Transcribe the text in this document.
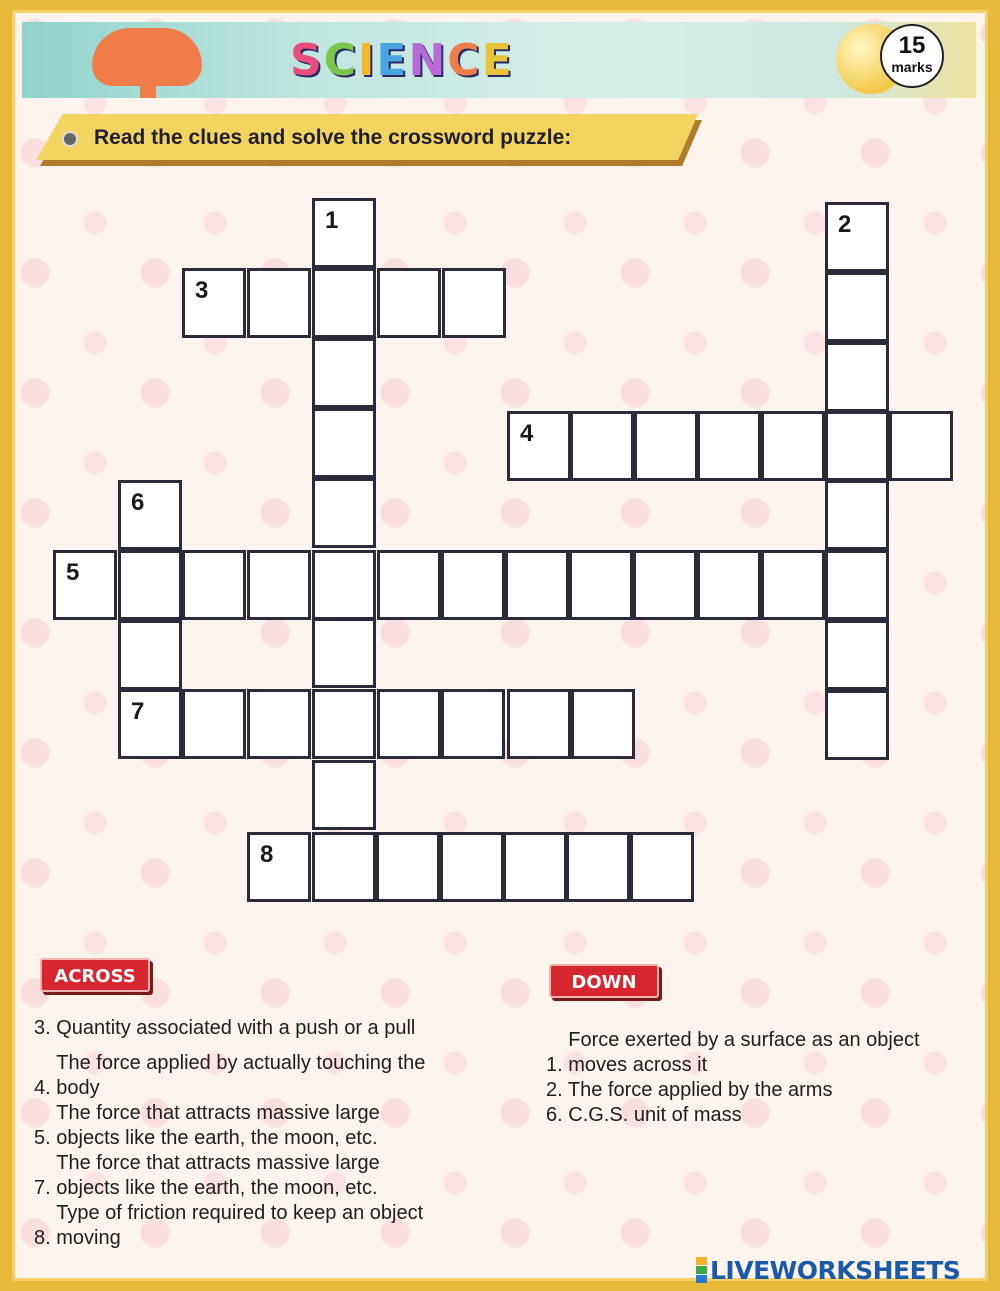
S C I E N C E	15
marks
Read the clues and solve the crossword puzzle:
1
3
2
4
6
5
7
8
ACROSS
3. Quantity associated with a push or a pull
4. The force applied by actually touching the body
5. The force that attracts massive large objects like the earth, the moon, etc.
7. The force that attracts massive large objects like the earth, the moon, etc.
8. Type of friction required to keep an object moving
DOWN
1. Force exerted by a surface as an object moves across it
2. The force applied by the arms
6. C.G.S. unit of mass
LIVEWORKSHEETS
